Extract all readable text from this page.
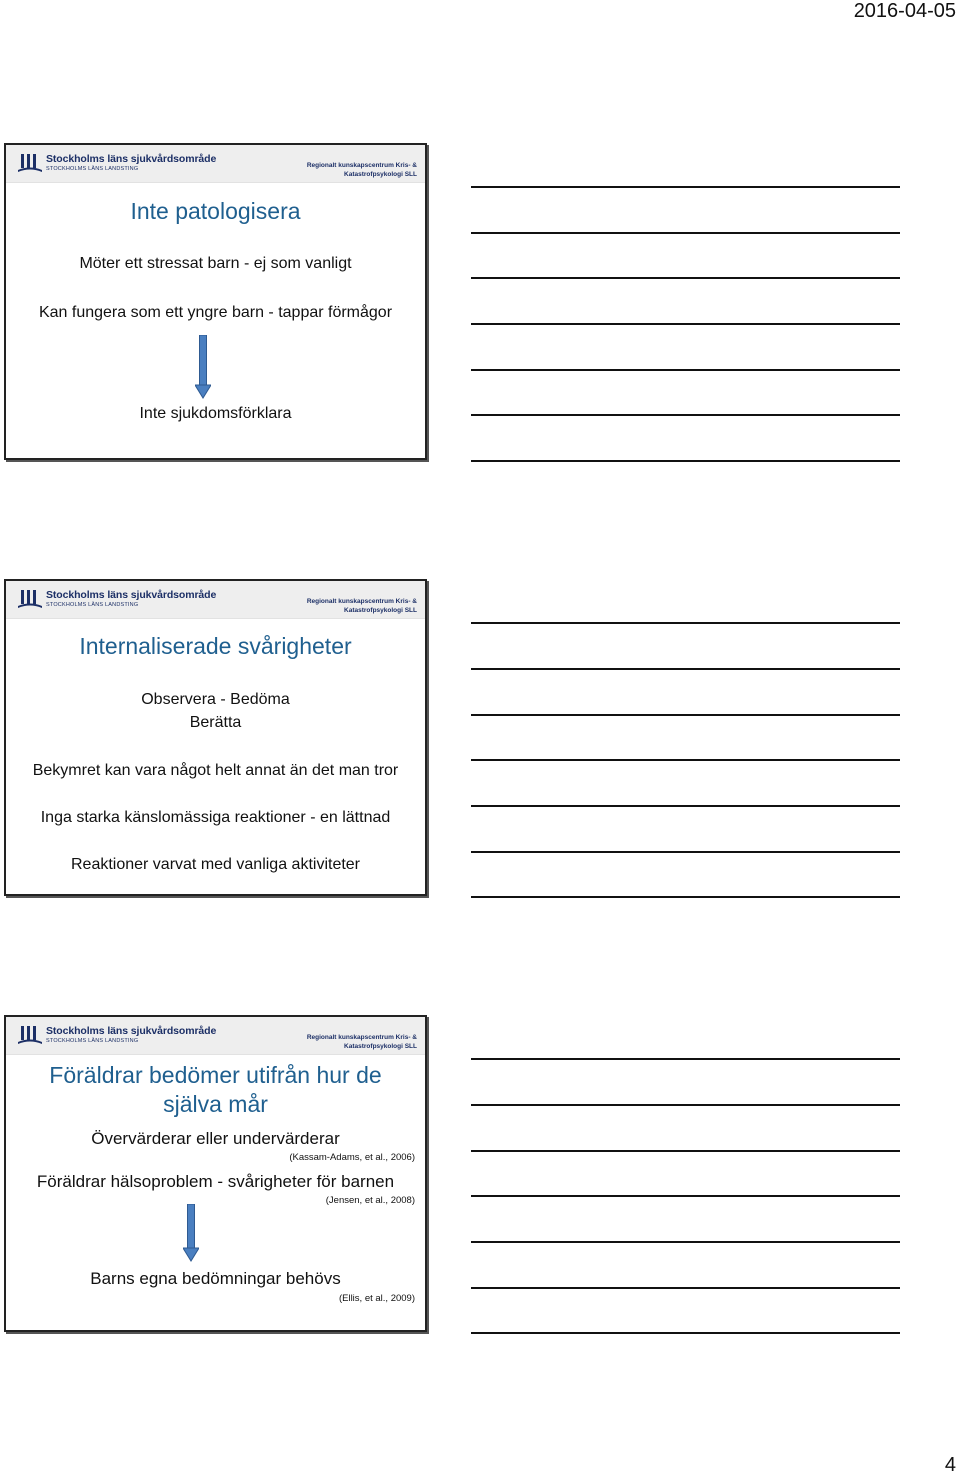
2016-04-05
Stockholms läns sjukvårdsområde
STOCKHOLMS LÄNS LANDSTING	Regionalt kunskapscentrum Kris- &
Katastrofpsykologi SLL
Inte patologisera
Möter ett stressat barn - ej som vanligt
Kan fungera som ett yngre barn - tappar förmågor
Inte sjukdomsförklara
Stockholms läns sjukvårdsområde
STOCKHOLMS LÄNS LANDSTING	Regionalt kunskapscentrum Kris- &
Katastrofpsykologi SLL
Internaliserade svårigheter
Observera - Bedöma
Berätta
Bekymret kan vara något helt annat än det man tror
Inga starka känslomässiga reaktioner - en lättnad
Reaktioner varvat med vanliga aktiviteter
Stockholms läns sjukvårdsområde
STOCKHOLMS LÄNS LANDSTING	Regionalt kunskapscentrum Kris- &
Katastrofpsykologi SLL
Föräldrar bedömer utifrån hur de
själva mår
Övervärderar eller undervärderar
(Kassam-Adams, et al., 2006)
Föräldrar hälsoproblem - svårigheter för barnen
(Jensen, et al., 2008)
Barns egna bedömningar behövs
(Ellis, et al., 2009)
4
